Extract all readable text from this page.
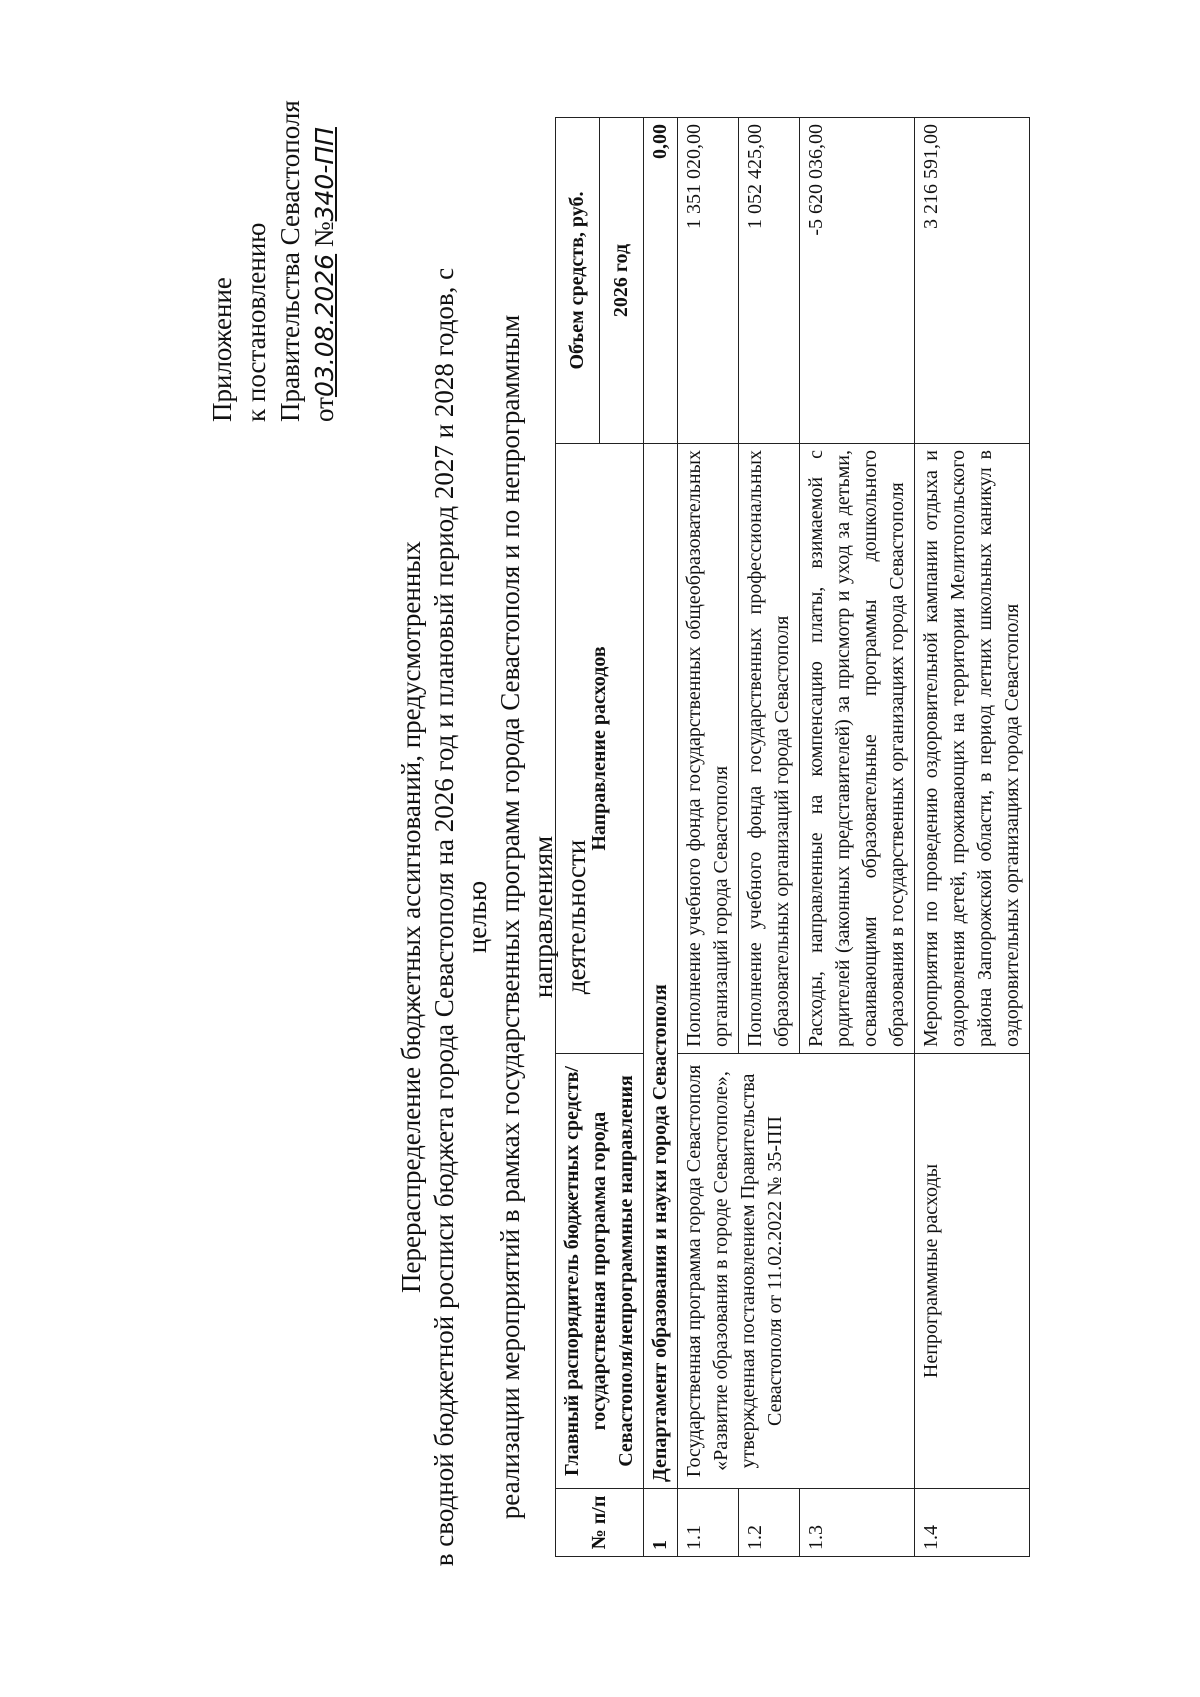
Приложение к постановлению Правительства Севастополя от03.08.2026 №340-ПП
Перераспределение бюджетных ассигнований, предусмотренных в сводной бюджетной росписи бюджета города Севастополя на 2026 год и плановый период 2027 и 2028 годов, с целью реализации мероприятий в рамках государственных программ города Севастополя и по непрограммным направлениям деятельности
№ п/п	Главный распорядитель бюджетных средств/государственная программа города Севастополя/непрограммные направления	Направление расходов	Объем средств, руб.
			2026 год
1	Департамент образования и науки города Севастополя		0,00
1.1	Государственная программа города Севастополя «Развитие образования в городе Севастополе», утвержденная постановлением Правительства Севастополя от 11.02.2022 № 35-ПП	Пополнение учебного фонда государственных общеобразовательных организаций города Севастополя	1 351 020,00
1.2		Пополнение учебного фонда государственных профессиональных образовательных организаций города Севастополя	1 052 425,00
1.3		Расходы, направленные на компенсацию платы, взимаемой с родителей (законных представителей) за присмотр и уход за детьми, осваивающими образовательные программы дошкольного образования в государственных организациях города Севастополя	-5 620 036,00
1.4	Непрограммные расходы	Мероприятия по проведению оздоровительной кампании отдыха и оздоровления детей, проживающих на территории Мелитопольского района Запорожской области, в период летних школьных каникул в оздоровительных организациях города Севастополя	3 216 591,00
